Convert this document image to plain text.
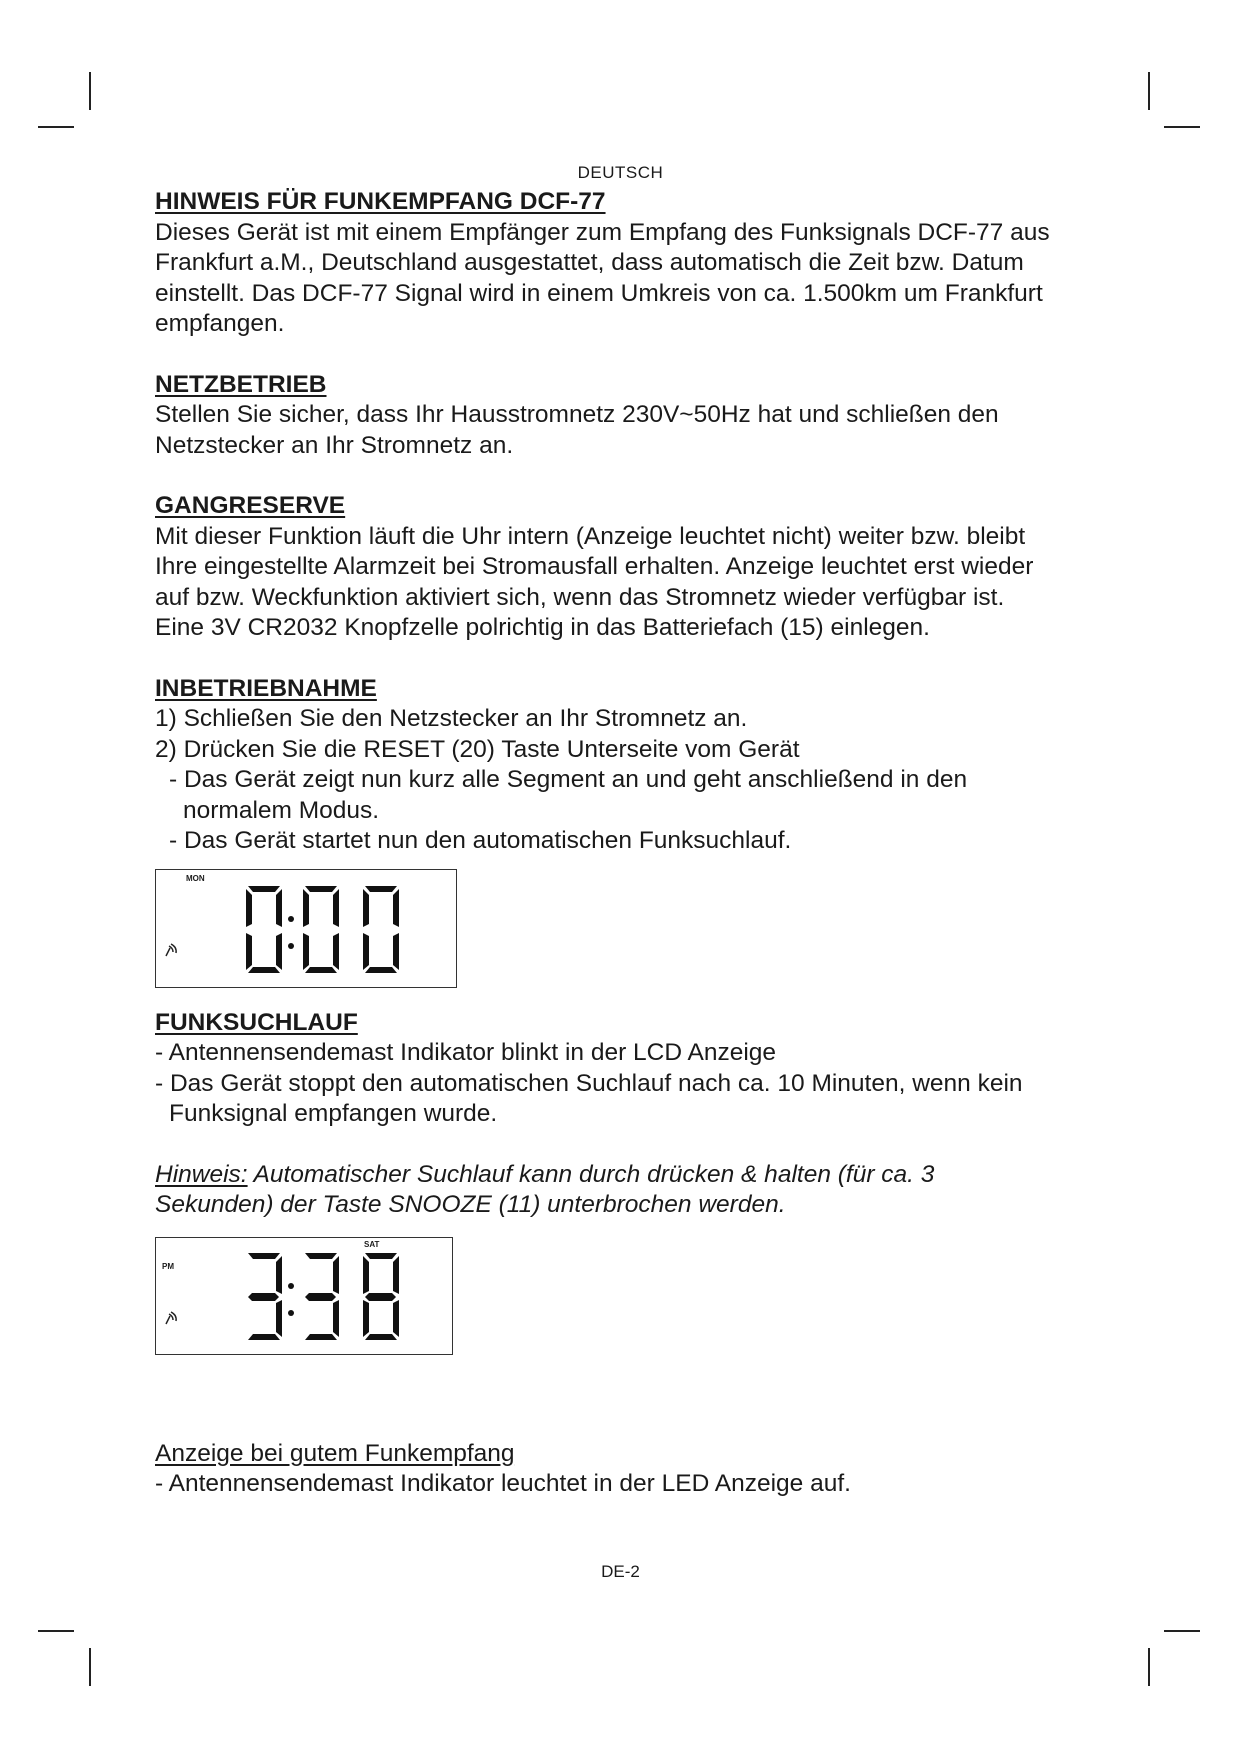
DEUTSCH

HINWEIS FÜR FUNKEMPFANG DCF-77

Dieses Gerät ist mit einem Empfänger zum Empfang des Funksignals DCF-77 aus

Frankfurt a.M., Deutschland ausgestattet, dass automatisch die Zeit bzw. Datum

einstellt. Das DCF-77 Signal wird in einem Umkreis von ca. 1.500km um Frankfurt

empfangen.

NETZBETRIEB

Stellen Sie sicher, dass Ihr Hausstromnetz 230V~50Hz hat und schließen den

Netzstecker an Ihr Stromnetz an.

GANGRESERVE

Mit dieser Funktion läuft die Uhr intern (Anzeige leuchtet nicht) weiter bzw. bleibt

Ihre eingestellte Alarmzeit bei Stromausfall erhalten. Anzeige leuchtet erst wieder

auf bzw. Weckfunktion aktiviert sich, wenn das Stromnetz wieder verfügbar ist.

Eine 3V CR2032 Knopfzelle polrichtig in das Batteriefach (15) einlegen.

INBETRIEBNAHME

1) Schließen Sie den Netzstecker an Ihr Stromnetz an.

2) Drücken Sie die RESET (20) Taste Unterseite vom Gerät

- Das Gerät zeigt nun kurz alle Segment an und geht anschließend in den

normalem Modus.

- Das Gerät startet nun den automatischen Funksuchlauf.

MON

FUNKSUCHLAUF

- Antennensendemast Indikator blinkt in der LCD Anzeige

- Das Gerät stoppt den automatischen Suchlauf nach ca. 10 Minuten, wenn kein

Funksignal empfangen wurde.

Hinweis: Automatischer Suchlauf kann durch drücken & halten (für ca. 3

Sekunden) der Taste SNOOZE (11) unterbrochen werden.

PM
SAT

Anzeige bei gutem Funkempfang

- Antennensendemast Indikator leuchtet in der LED Anzeige auf.

DE-2
